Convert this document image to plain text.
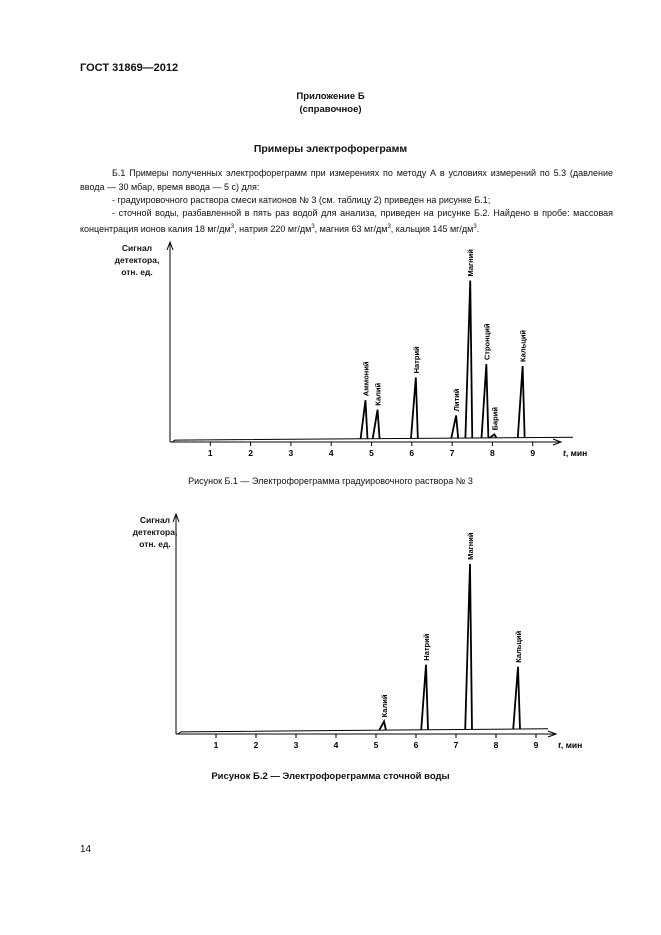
ГОСТ 31869—2012
Приложение Б
(справочное)
Примеры электрофореграмм
Б.1 Примеры полученных электрофореграмм при измерениях по методу А в условиях измерений по 5.3 (давление ввода — 30 мбар, время ввода — 5 с) для:
- градуировочного раствора смеси катионов № 3 (см. таблицу 2) приведен на рисунке Б.1;
- сточной воды, разбавленной в пять раз водой для анализа, приведен на рисунке Б.2. Найдено в пробе: массовая концентрация ионов калия 18 $мг/дм^3$, натрия 220 $мг/дм^3$, магния 63 $мг/дм^3$, кальция 145 $мг/дм^3$.
Сигнал
детектора,
отн. ед.
1	2	3	4	5	6	7	8	9	t, мин
Аммоний Калий
Натрий
Литий
Магний
Стронций
Барий
Кальций
Рисунок Б.1 — Электрофореграмма градуировочного раствора № 3
Сигнал
детектора,
отн. ед.
1	2	3	4	5	6	7	8	9 t, мин
Калий
Натрий
Магний
Кальций
Рисунок Б.2 — Электрофореграмма сточной воды
14
